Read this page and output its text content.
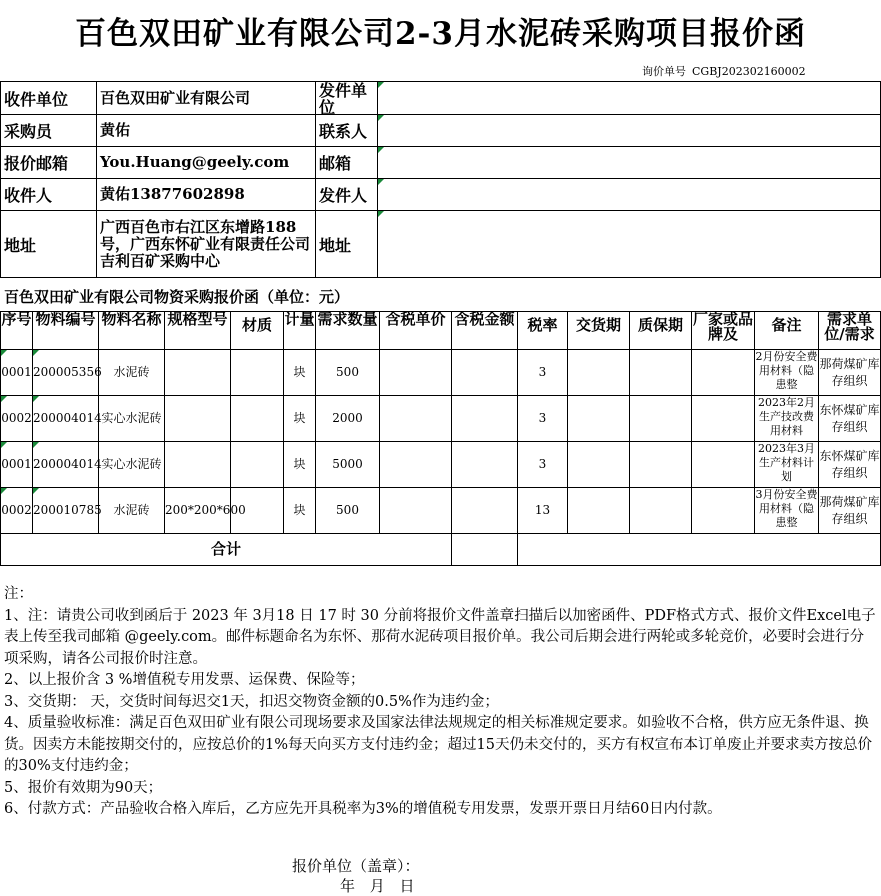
百色双田矿业有限公司2-3月水泥砖采购项目报价函
询价单号 CGBJ202302160002
收件单位	百色双田矿业有限公司	发件单位	

采购员	黄佑	联系人	
报价邮箱	You.Huang@geely.com	邮箱	
收件人	黄佑13877602898	发件人	
地址	广西百色市右江区东增路188号，广西东怀矿业有限责任公司吉利百矿采购中心	地址	
百色双田矿业有限公司物资采购报价函（单位：元）
序号	物料编号	物料名称	规格型号	材质	计量	需求数量	含税单价	含税金额	税率	交货期	质保期	厂家或品牌及	备注	需求单位/需求

0001	200005356	水泥砖			块	500			3				2月份安全费用材料（隐患整	那荷煤矿库存组织
0002	200004014	实心水泥砖			块	2000			3				2023年2月生产技改费用材料	东怀煤矿库存组织
0001	200004014	实心水泥砖			块	5000			3				2023年3月生产材料计划	东怀煤矿库存组织
0002	200010785	水泥砖	200*200*600		块	500			13				3月份安全费用材料（隐患整	那荷煤矿库存组织
合计														

注：

1、注：请贵公司收到函后于 2023 年 3月18 日 17 时 30 分前将报价文件盖章扫描后以加密函件、PDF格式方式、报价文件Excel电子表上传至我司邮箱 @geely.com。邮件标题命名为东怀、那荷水泥砖项目报价单。我公司后期会进行两轮或多轮竞价，必要时会进行分项采购，请各公司报价时注意。

2、以上报价含 3 %增值税专用发票、运保费、保险等；

3、交货期： 天，交货时间每迟交1天，扣迟交物资金额的0.5%作为违约金；

4、质量验收标准：满足百色双田矿业有限公司现场要求及国家法律法规规定的相关标准规定要求。如验收不合格，供方应无条件退、换货。因卖方未能按期交付的，应按总价的1%每天向买方支付违约金；超过15天仍未交付的，买方有权宣布本订单废止并要求卖方按总价的30%支付违约金；

5、报价有效期为90天；

6、付款方式：产品验收合格入库后，乙方应先开具税率为3%的增值税专用发票，发票开票日月结60日内付款。

报价单位（盖章）：
年 月 日
